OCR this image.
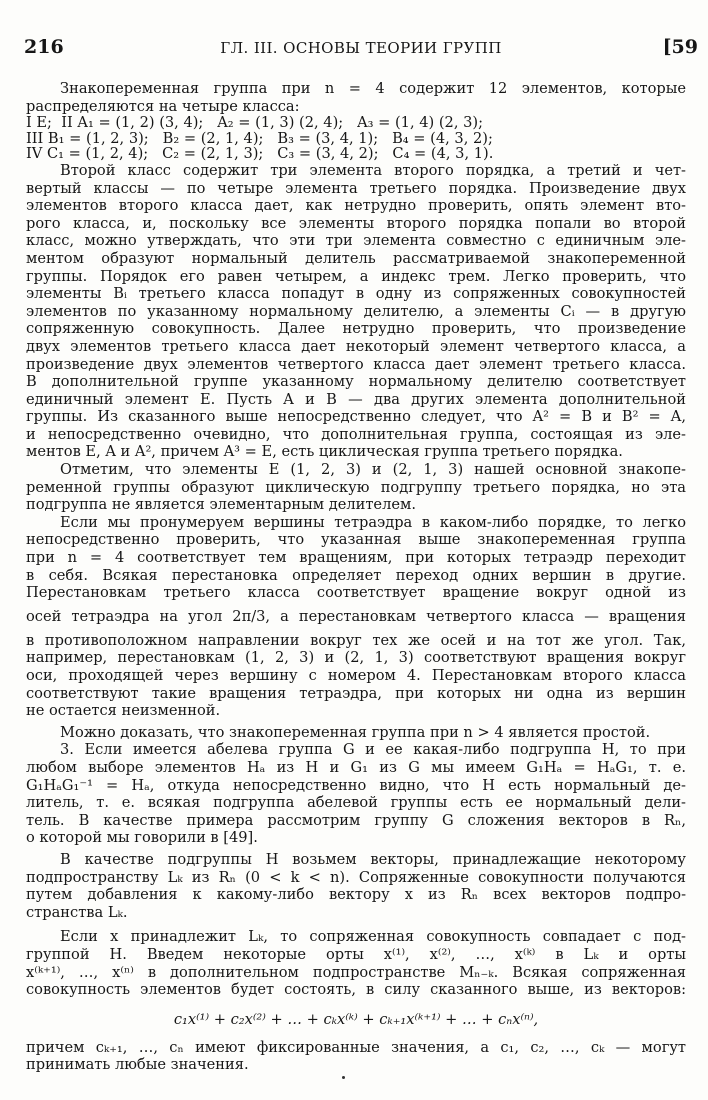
216	ГЛ. III. ОСНОВЫ ТЕОРИИ ГРУПП	[59
Знакопеременная группа при n = 4 содержит 12 элементов, которые
распределяются на четыре класса:
I E;  II A₁ = (1, 2) (3, 4);   A₂ = (1, 3) (2, 4);   A₃ = (1, 4) (2, 3);
III B₁ = (1, 2, 3);   B₂ = (2, 1, 4);   B₃ = (3, 4, 1);   B₄ = (4, 3, 2);
IV C₁ = (1, 2, 4);   C₂ = (2, 1, 3);   C₃ = (3, 4, 2);   C₄ = (4, 3, 1).
Второй класс содержит три элемента второго порядка, а третий и чет-
вертый классы — по четыре элемента третьего порядка. Произведение двух
элементов второго класса дает, как нетрудно проверить, опять элемент вто-
рого класса, и, поскольку все элементы второго порядка попали во второй
класс, можно утверждать, что эти три элемента совместно с единичным эле-
ментом образуют нормальный делитель рассматриваемой знакопеременной
группы. Порядок его равен четырем, а индекс трем. Легко проверить, что
элементы Bᵢ третьего класса попадут в одну из сопряженных совокупностей
элементов по указанному нормальному делителю, а элементы Cᵢ — в другую
сопряженную совокупность. Далее нетрудно проверить, что произведение
двух элементов третьего класса дает некоторый элемент четвертого класса, а
произведение двух элементов четвертого класса дает элемент третьего класса.
В дополнительной группе указанному нормальному делителю соответствует
единичный элемент E. Пусть A и B — два других элемента дополнительной
группы. Из сказанного выше непосредственно следует, что A² = B и B² = A,
и непосредственно очевидно, что дополнительная группа, состоящая из эле-
ментов E, A и A², причем A³ = E, есть циклическая группа третьего порядка.
Отметим, что элементы E (1, 2, 3) и (2, 1, 3) нашей основной знакопе-
ременной группы образуют циклическую подгруппу третьего порядка, но эта
подгруппа не является элементарным делителем.
Если мы пронумеруем вершины тетраэдра в каком-либо порядке, то легко
непосредственно проверить, что указанная выше знакопеременная группа
при n = 4 соответствует тем вращениям, при которых тетраэдр переходит
в себя. Всякая перестановка определяет переход одних вершин в другие.
Перестановкам третьего класса соответствует вращение вокруг одной из
осей тетраэдра на угол 2π/3, а перестановкам четвертого класса — вращения
в противоположном направлении вокруг тех же осей и на тот же угол. Так,
например, перестановкам (1, 2, 3) и (2, 1, 3) соответствуют вращения вокруг
оси, проходящей через вершину с номером 4. Перестановкам второго класса
соответствуют такие вращения тетраэдра, при которых ни одна из вершин
не остается неизменной.
Можно доказать, что знакопеременная группа при n > 4 является простой.
3. Если имеется абелева группа G и ее какая-либо подгруппа H, то при
любом выборе элементов Hₐ из H и G₁ из G мы имеем G₁Hₐ = HₐG₁, т. е.
G₁HₐG₁⁻¹ = Hₐ, откуда непосредственно видно, что H есть нормальный де-
литель, т. е. всякая подгруппа абелевой группы есть ее нормальный дели-
тель. В качестве примера рассмотрим группу G сложения векторов в Rₙ,
о которой мы говорили в [49].
В качестве подгруппы H возьмем векторы, принадлежащие некоторому
подпространству Lₖ из Rₙ (0 < k < n). Сопряженные совокупности получаются
путем добавления к какому-либо вектору x из Rₙ всех векторов подпро-
странства Lₖ.
Если x принадлежит Lₖ, то сопряженная совокупность совпадает с под-
группой H. Введем некоторые орты x⁽¹⁾, x⁽²⁾, …, x⁽ᵏ⁾ в Lₖ и орты
x⁽ᵏ⁺¹⁾, …, x⁽ⁿ⁾ в дополнительном подпространстве Mₙ₋ₖ. Всякая сопряженная
совокупность элементов будет состоять, в силу сказанного выше, из векторов:
c₁x⁽¹⁾ + c₂x⁽²⁾ + … + cₖx⁽ᵏ⁾ + cₖ₊₁x⁽ᵏ⁺¹⁾ + … + cₙx⁽ⁿ⁾,
причем cₖ₊₁, …, cₙ имеют фиксированные значения, а c₁, c₂, …, cₖ — могут
принимать любые значения.
